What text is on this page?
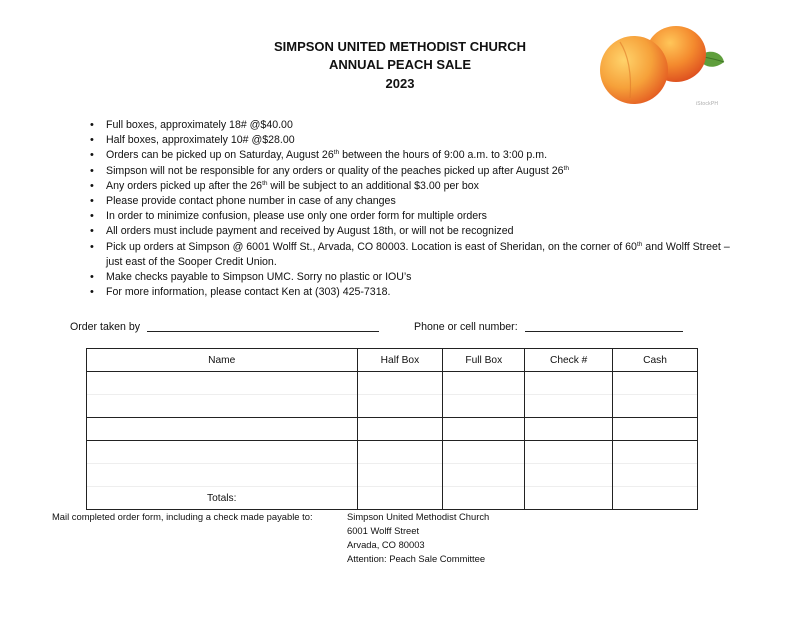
SIMPSON UNITED METHODIST CHURCH
ANNUAL PEACH SALE
2023
iStockPH
• Full boxes, approximately 18# @$40.00
• Half boxes, approximately 10# @$28.00
• Orders can be picked up on Saturday, August 26th between the hours of 9:00 a.m. to 3:00 p.m.
• Simpson will not be responsible for any orders or quality of the peaches picked up after August 26th
• Any orders picked up after the 26th will be subject to an additional $3.00 per box
• Please provide contact phone number in case of any changes
• In order to minimize confusion, please use only one order form for multiple orders
• All orders must include payment and received by August 18th, or will not be recognized
• Pick up orders at Simpson @ 6001 Wolff St., Arvada, CO 80003. Location is east of Sheridan, on the corner of 60th and Wolff Street – just east of the Sooper Credit Union.
• Make checks payable to Simpson UMC. Sorry no plastic or IOU’s
• For more information, please contact Ken at (303) 425-7318.
Order taken by	Phone or cell number:
Name	Half Box	Full Box	Check #	Cash

Totals:				
Mail completed order form, including a check made payable to:	Simpson United Methodist Church
6001 Wolff Street
Arvada, CO 80003
Attention: Peach Sale Committee
